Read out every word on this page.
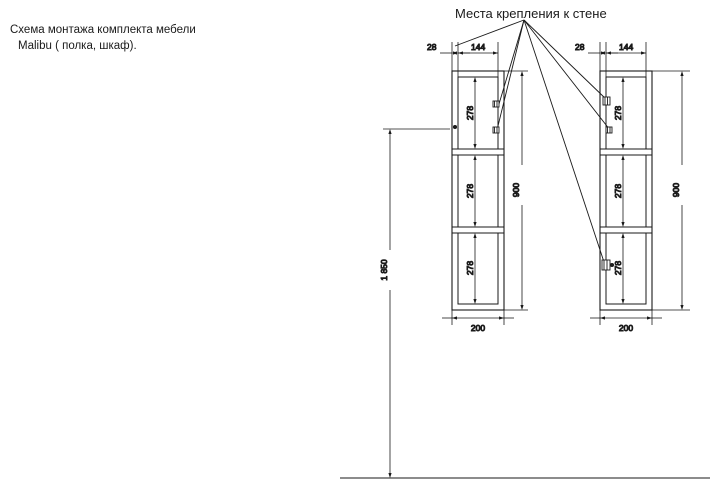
Схема монтажа комплекта мебели
Malibu ( полка, шкаф).
Места крепления к стене
28	144
278
278
278
200
900
28	144
278
278
278
200
900
1 850
